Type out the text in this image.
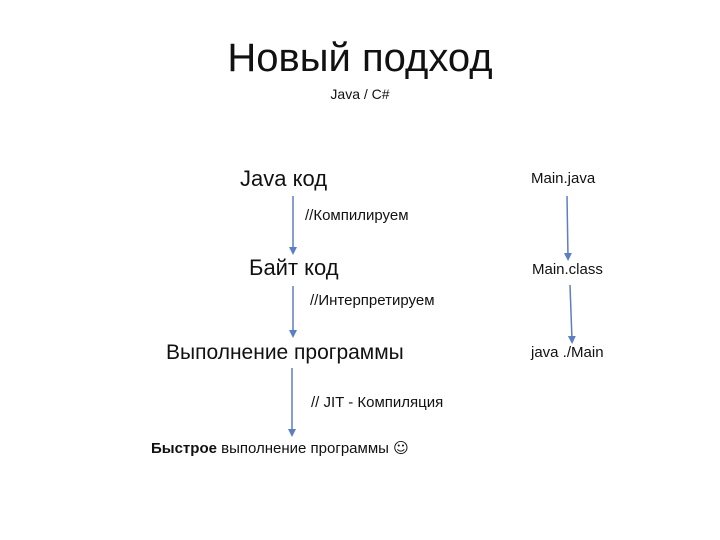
Новый подход
Java / C#
Java код
//Компилируем
Байт код
//Интерпретируем
Выполнение программы
// JIT - Компиляция
Быстрое выполнение программы ☺
Main.java
Main.class
java ./Main
